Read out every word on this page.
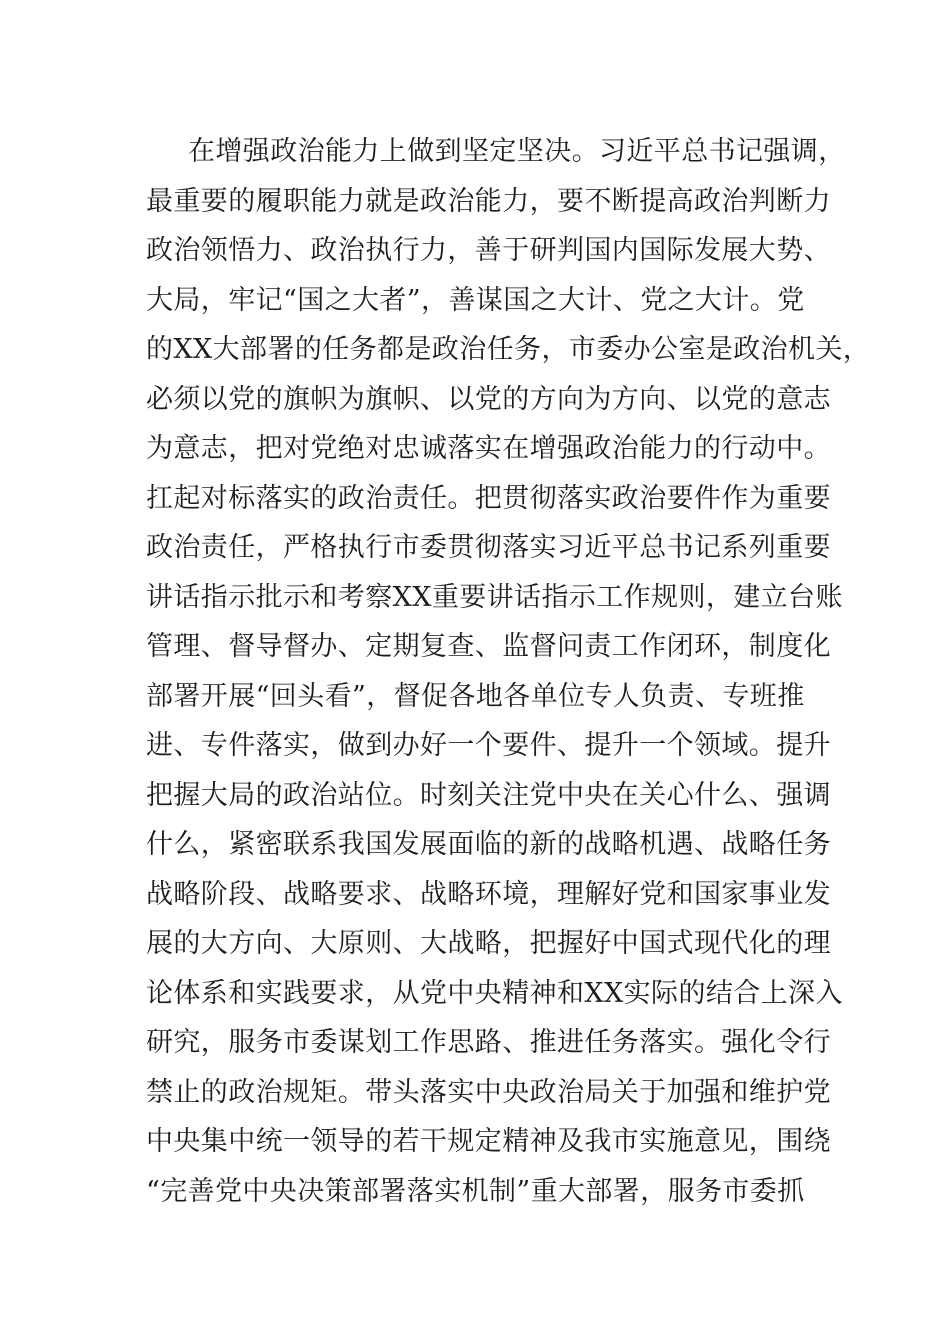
在增强政治能力上做到坚定坚决。习近平总书记强调，
最重要的履职能力就是政治能力，要不断提高政治判断力
政治领悟力、政治执行力，善于研判国内国际发展大势、
大局，牢记“国之大者”，善谋国之大计、党之大计。党
的XX大部署的任务都是政治任务，市委办公室是政治机关，
必须以党的旗帜为旗帜、以党的方向为方向、以党的意志
为意志，把对党绝对忠诚落实在增强政治能力的行动中。
扛起对标落实的政治责任。把贯彻落实政治要件作为重要
政治责任，严格执行市委贯彻落实习近平总书记系列重要
讲话指示批示和考察XX重要讲话指示工作规则，建立台账
管理、督导督办、定期复查、监督问责工作闭环，制度化
部署开展“回头看”，督促各地各单位专人负责、专班推
进、专件落实，做到办好一个要件、提升一个领域。提升
把握大局的政治站位。时刻关注党中央在关心什么、强调
什么，紧密联系我国发展面临的新的战略机遇、战略任务
战略阶段、战略要求、战略环境，理解好党和国家事业发
展的大方向、大原则、大战略，把握好中国式现代化的理
论体系和实践要求，从党中央精神和XX实际的结合上深入
研究，服务市委谋划工作思路、推进任务落实。强化令行
禁止的政治规矩。带头落实中央政治局关于加强和维护党
中央集中统一领导的若干规定精神及我市实施意见，围绕
“完善党中央决策部署落实机制”重大部署，服务市委抓
